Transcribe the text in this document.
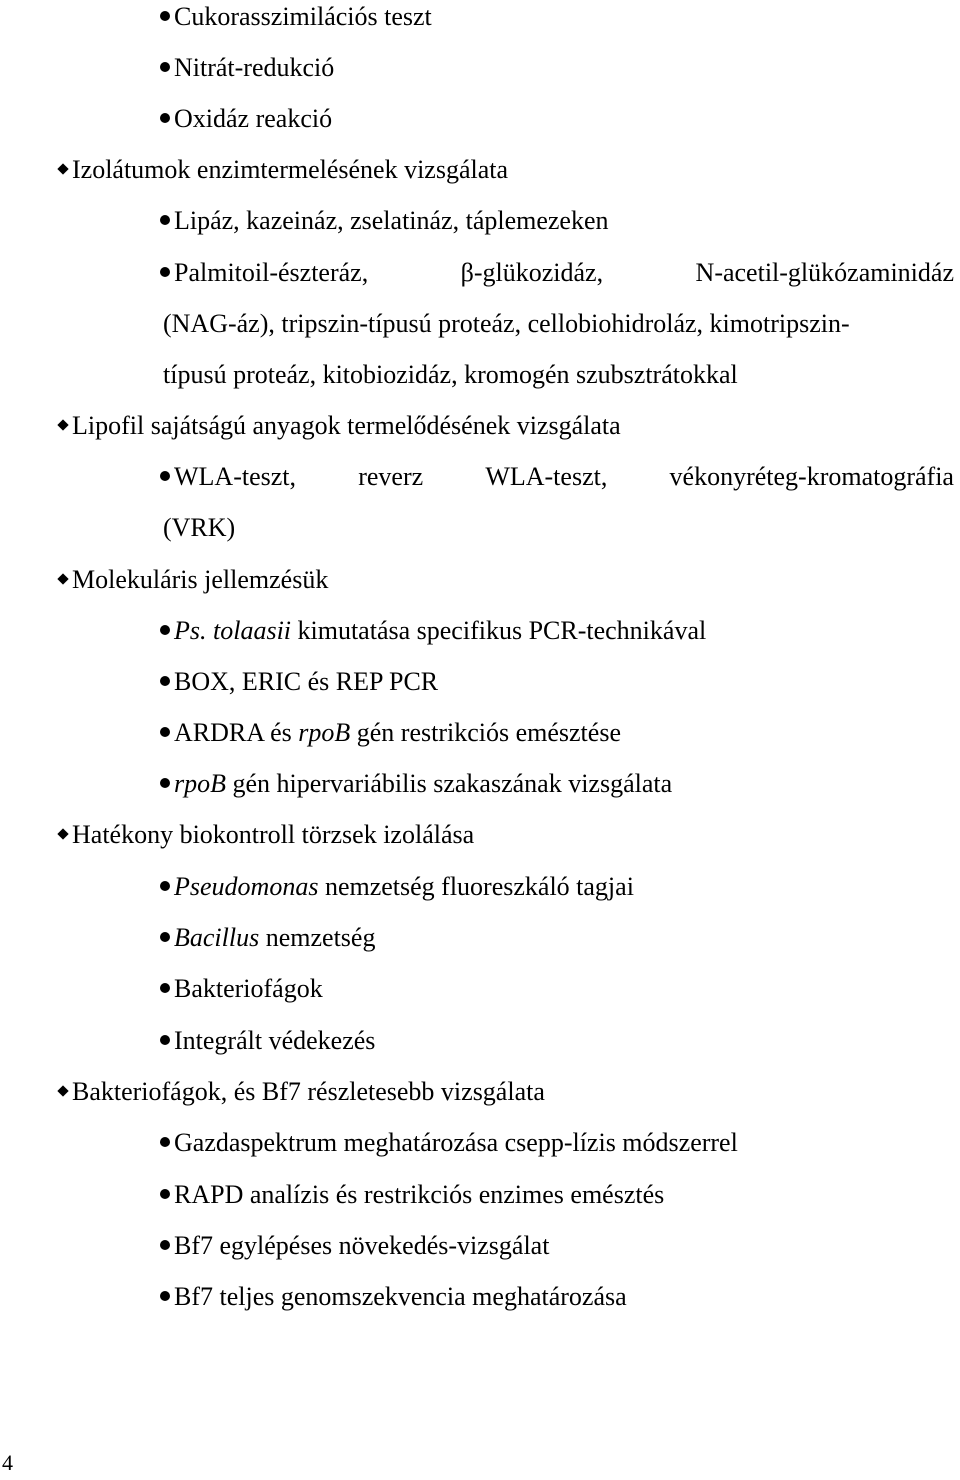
Cukorasszimilációs teszt
Nitrát-redukció
Oxidáz reakció
Izolátumok enzimtermelésének vizsgálata
Lipáz, kazeináz, zselatináz, táplemezeken
Palmitoil-észteráz,	β-glükozidáz,	N-acetil-glükózaminidáz
(NAG-áz), tripszin-típusú proteáz, cellobiohidroláz, kimotripszin-
típusú proteáz, kitobiozidáz, kromogén szubsztrátokkal
Lipofil sajátságú anyagok termelődésének vizsgálata
WLA-teszt, reverz WLA-teszt, vékonyréteg-kromatográfia
(VRK)
Molekuláris jellemzésük
Ps. tolaasii kimutatása specifikus PCR-technikával
BOX, ERIC és REP PCR
ARDRA és rpoB gén restrikciós emésztése
rpoB gén hipervariábilis szakaszának vizsgálata
Hatékony biokontroll törzsek izolálása
Pseudomonas nemzetség fluoreszkáló tagjai
Bacillus nemzetség
Bakteriofágok
Integrált védekezés
Bakteriofágok, és Bf7 részletesebb vizsgálata
Gazdaspektrum meghatározása csepp-lízis módszerrel
RAPD analízis és restrikciós enzimes emésztés
Bf7 egylépéses növekedés-vizsgálat
Bf7 teljes genomszekvencia meghatározása
4
